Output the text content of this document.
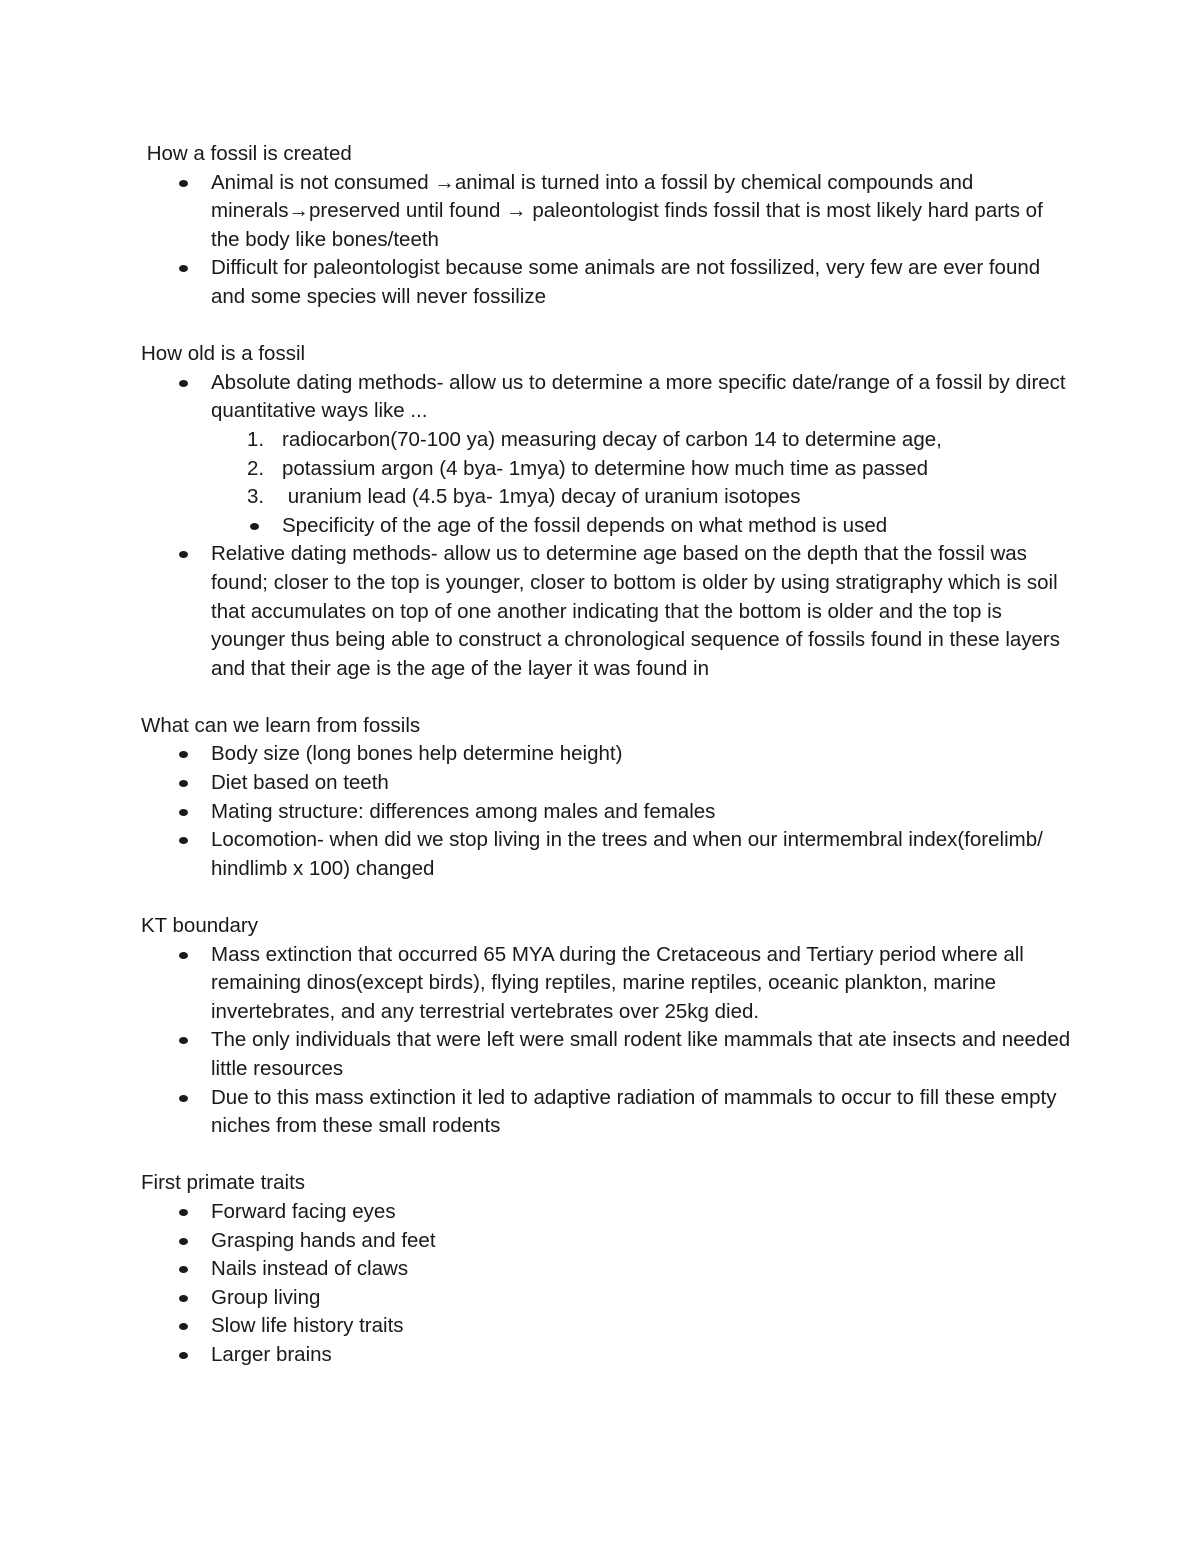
How a fossil is created

Animal is not consumed →animal is turned into a fossil by chemical compounds and minerals→preserved until found → paleontologist finds fossil that is most likely hard parts of the body like bones/teeth
Difficult for paleontologist because some animals are not fossilized, very few are ever found and some species will never fossilize

How old is a fossil

Absolute dating methods- allow us to determine a more specific date/range of a fossil by direct quantitative ways like ...
1. radiocarbon(70-100 ya) measuring decay of carbon 14 to determine age,
2. potassium argon (4 bya- 1mya) to determine how much time as passed
3. uranium lead (4.5 bya- 1mya) decay of uranium isotopes
Specificity of the age of the fossil depends on what method is used
Relative dating methods- allow us to determine age based on the depth that the fossil was found; closer to the top is younger, closer to bottom is older by using stratigraphy which is soil that accumulates on top of one another indicating that the bottom is older and the top is younger thus being able to construct a chronological sequence of fossils found in these layers and that their age is the age of the layer it was found in

What can we learn from fossils

Body size (long bones help determine height)
Diet based on teeth
Mating structure: differences among males and females
Locomotion- when did we stop living in the trees and when our intermembral index(forelimb/ hindlimb x 100) changed

KT boundary

Mass extinction that occurred 65 MYA during the Cretaceous and Tertiary period where all remaining dinos(except birds), flying reptiles, marine reptiles, oceanic plankton, marine invertebrates, and any terrestrial vertebrates over 25kg died.
The only individuals that were left were small rodent like mammals that ate insects and needed little resources
Due to this mass extinction it led to adaptive radiation of mammals to occur to fill these empty niches from these small rodents

First primate traits

Forward facing eyes
Grasping hands and feet
Nails instead of claws
Group living
Slow life history traits
Larger brains
